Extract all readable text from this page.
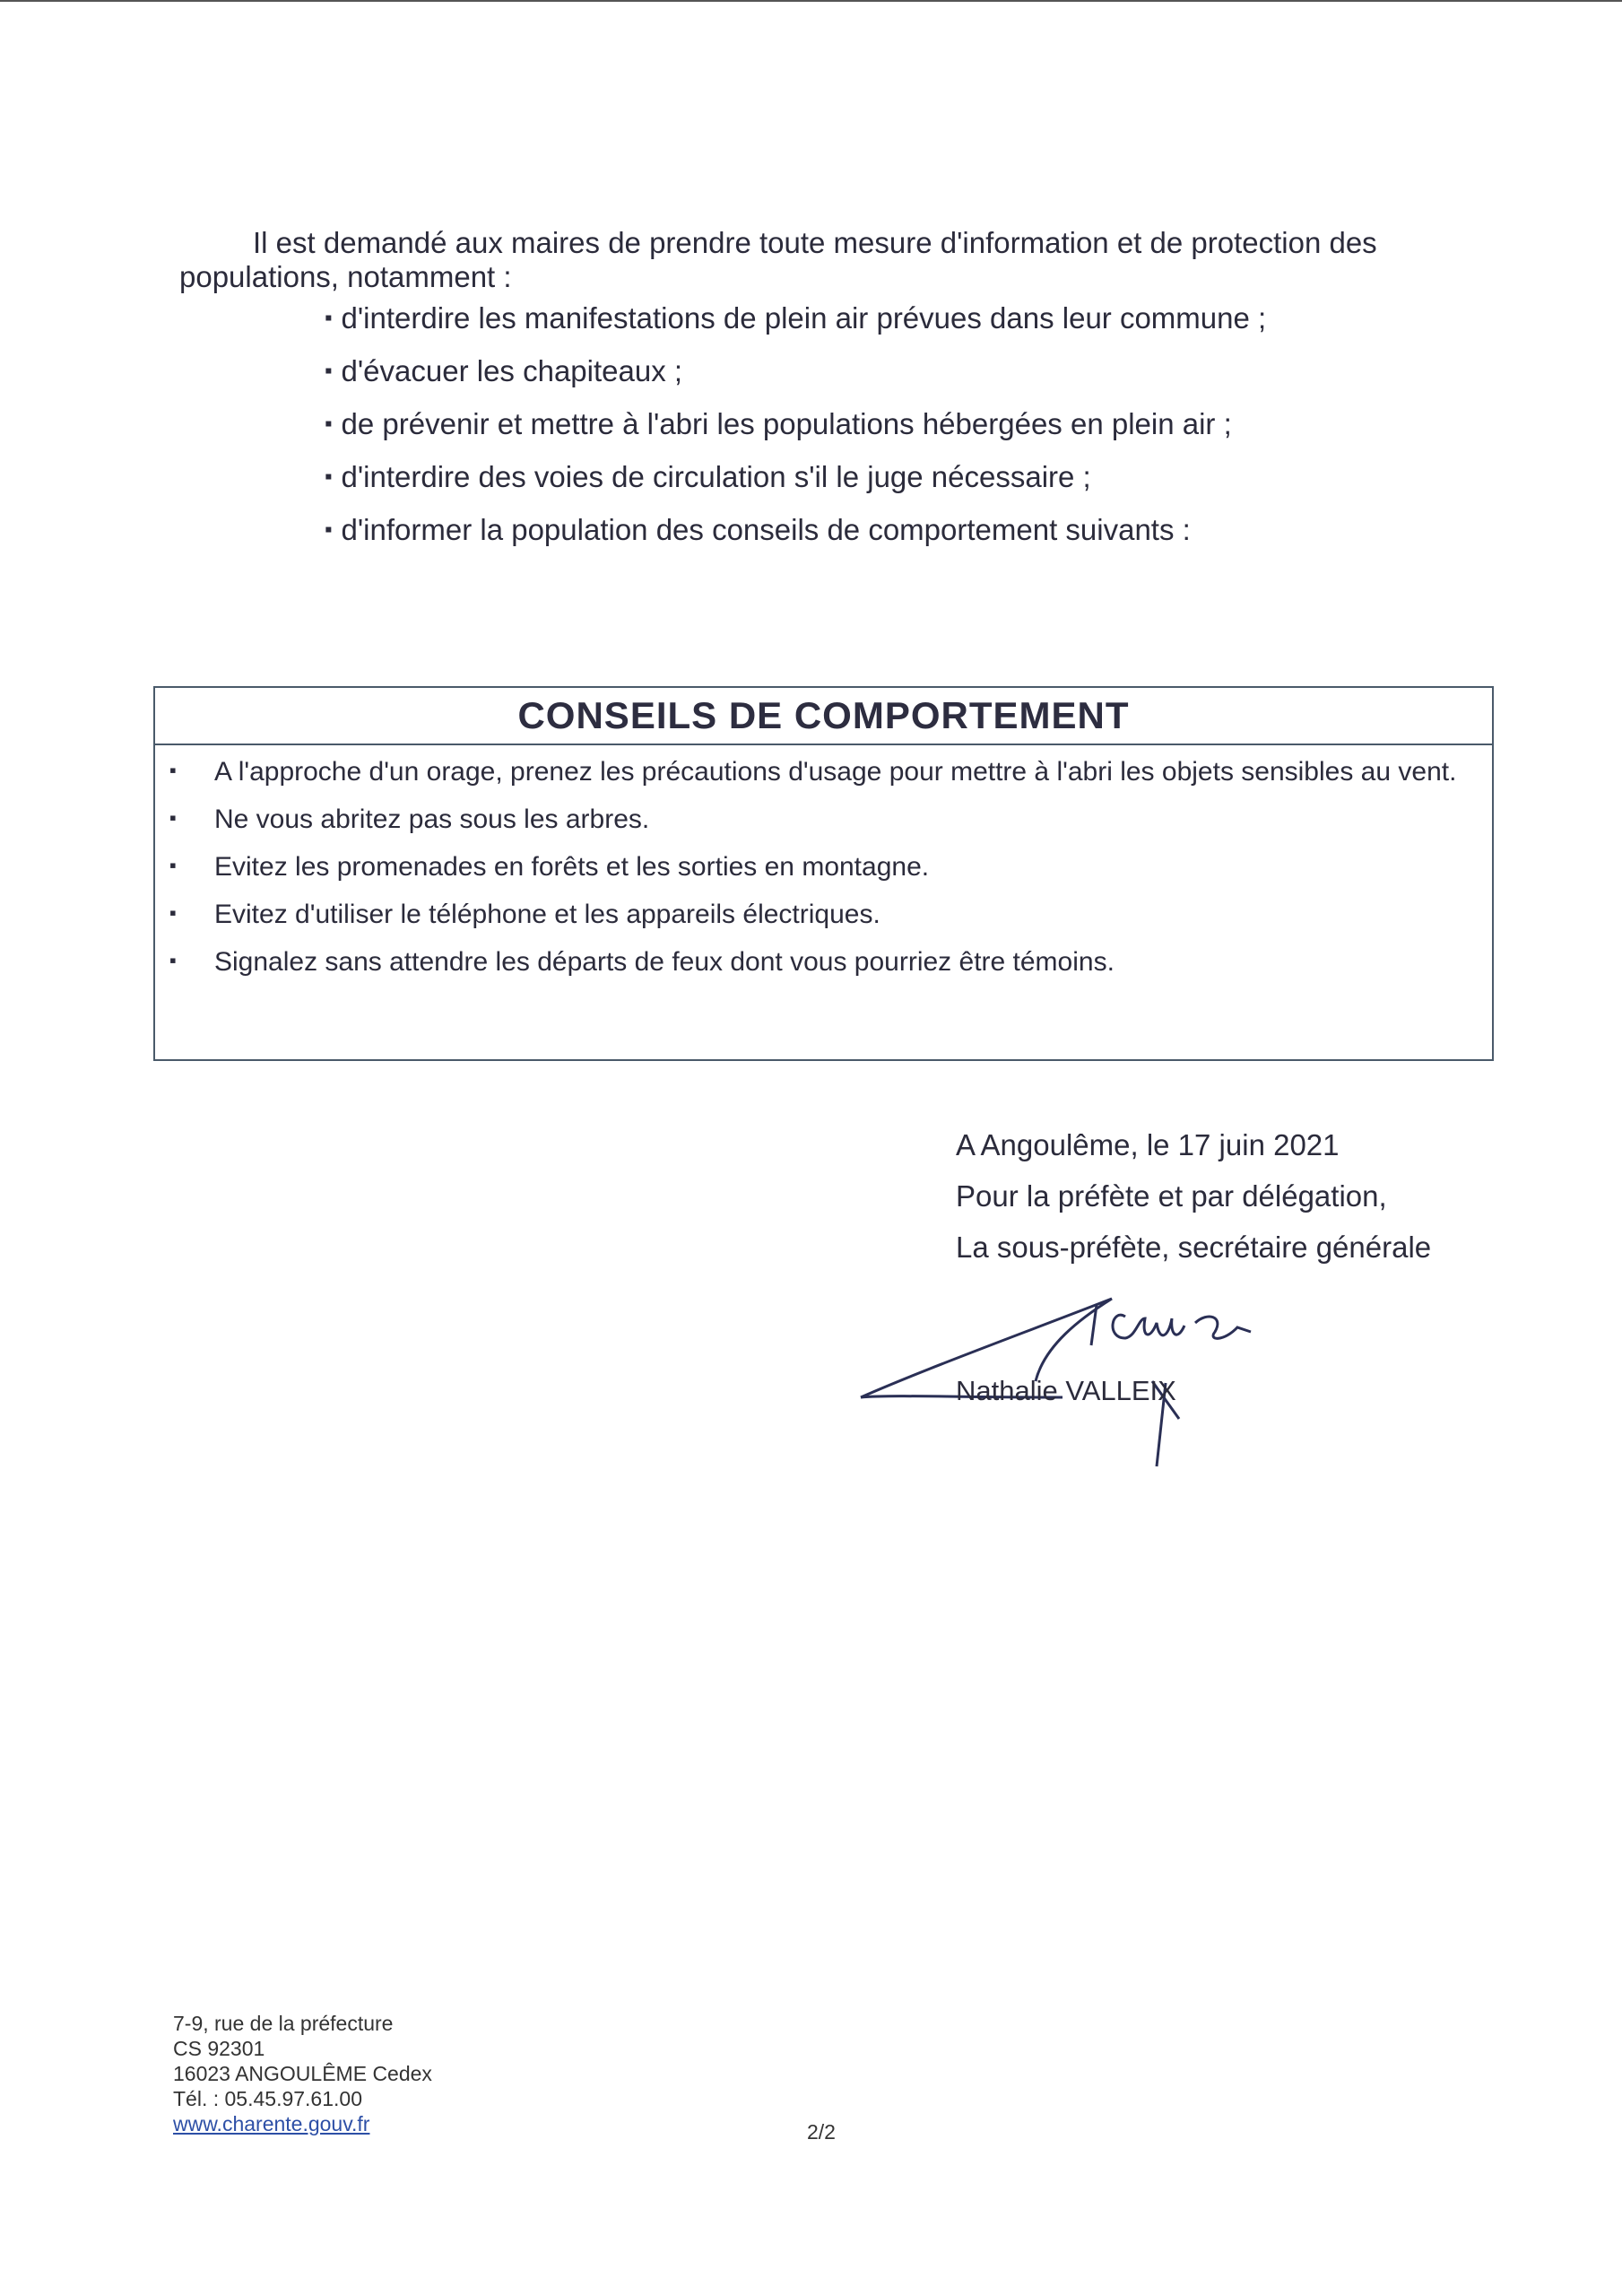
Il est demandé aux maires de prendre toute mesure d'information et de protection des populations, notamment :
▪ d'interdire les manifestations de plein air prévues dans leur commune ;
▪ d'évacuer les chapiteaux ;
▪ de prévenir et mettre à l'abri les populations hébergées en plein air ;
▪ d'interdire des voies de circulation s'il le juge nécessaire ;
▪ d'informer la population des conseils de comportement suivants :
CONSEILS DE COMPORTEMENT
▪ A l'approche d'un orage, prenez les précautions d'usage pour mettre à l'abri les objets sensibles au vent.
▪ Ne vous abritez pas sous les arbres.
▪ Evitez les promenades en forêts et les sorties en montagne.
▪ Evitez d'utiliser le téléphone et les appareils électriques.
▪ Signalez sans attendre les départs de feux dont vous pourriez être témoins.
A Angoulême, le 17 juin 2021
Pour la préfète et par délégation,
La sous-préfète, secrétaire générale
Nathalie VALLEIX
7-9, rue de la préfecture
CS 92301
16023 ANGOULÊME Cedex
Tél. : 05.45.97.61.00
www.charente.gouv.fr	2/2
